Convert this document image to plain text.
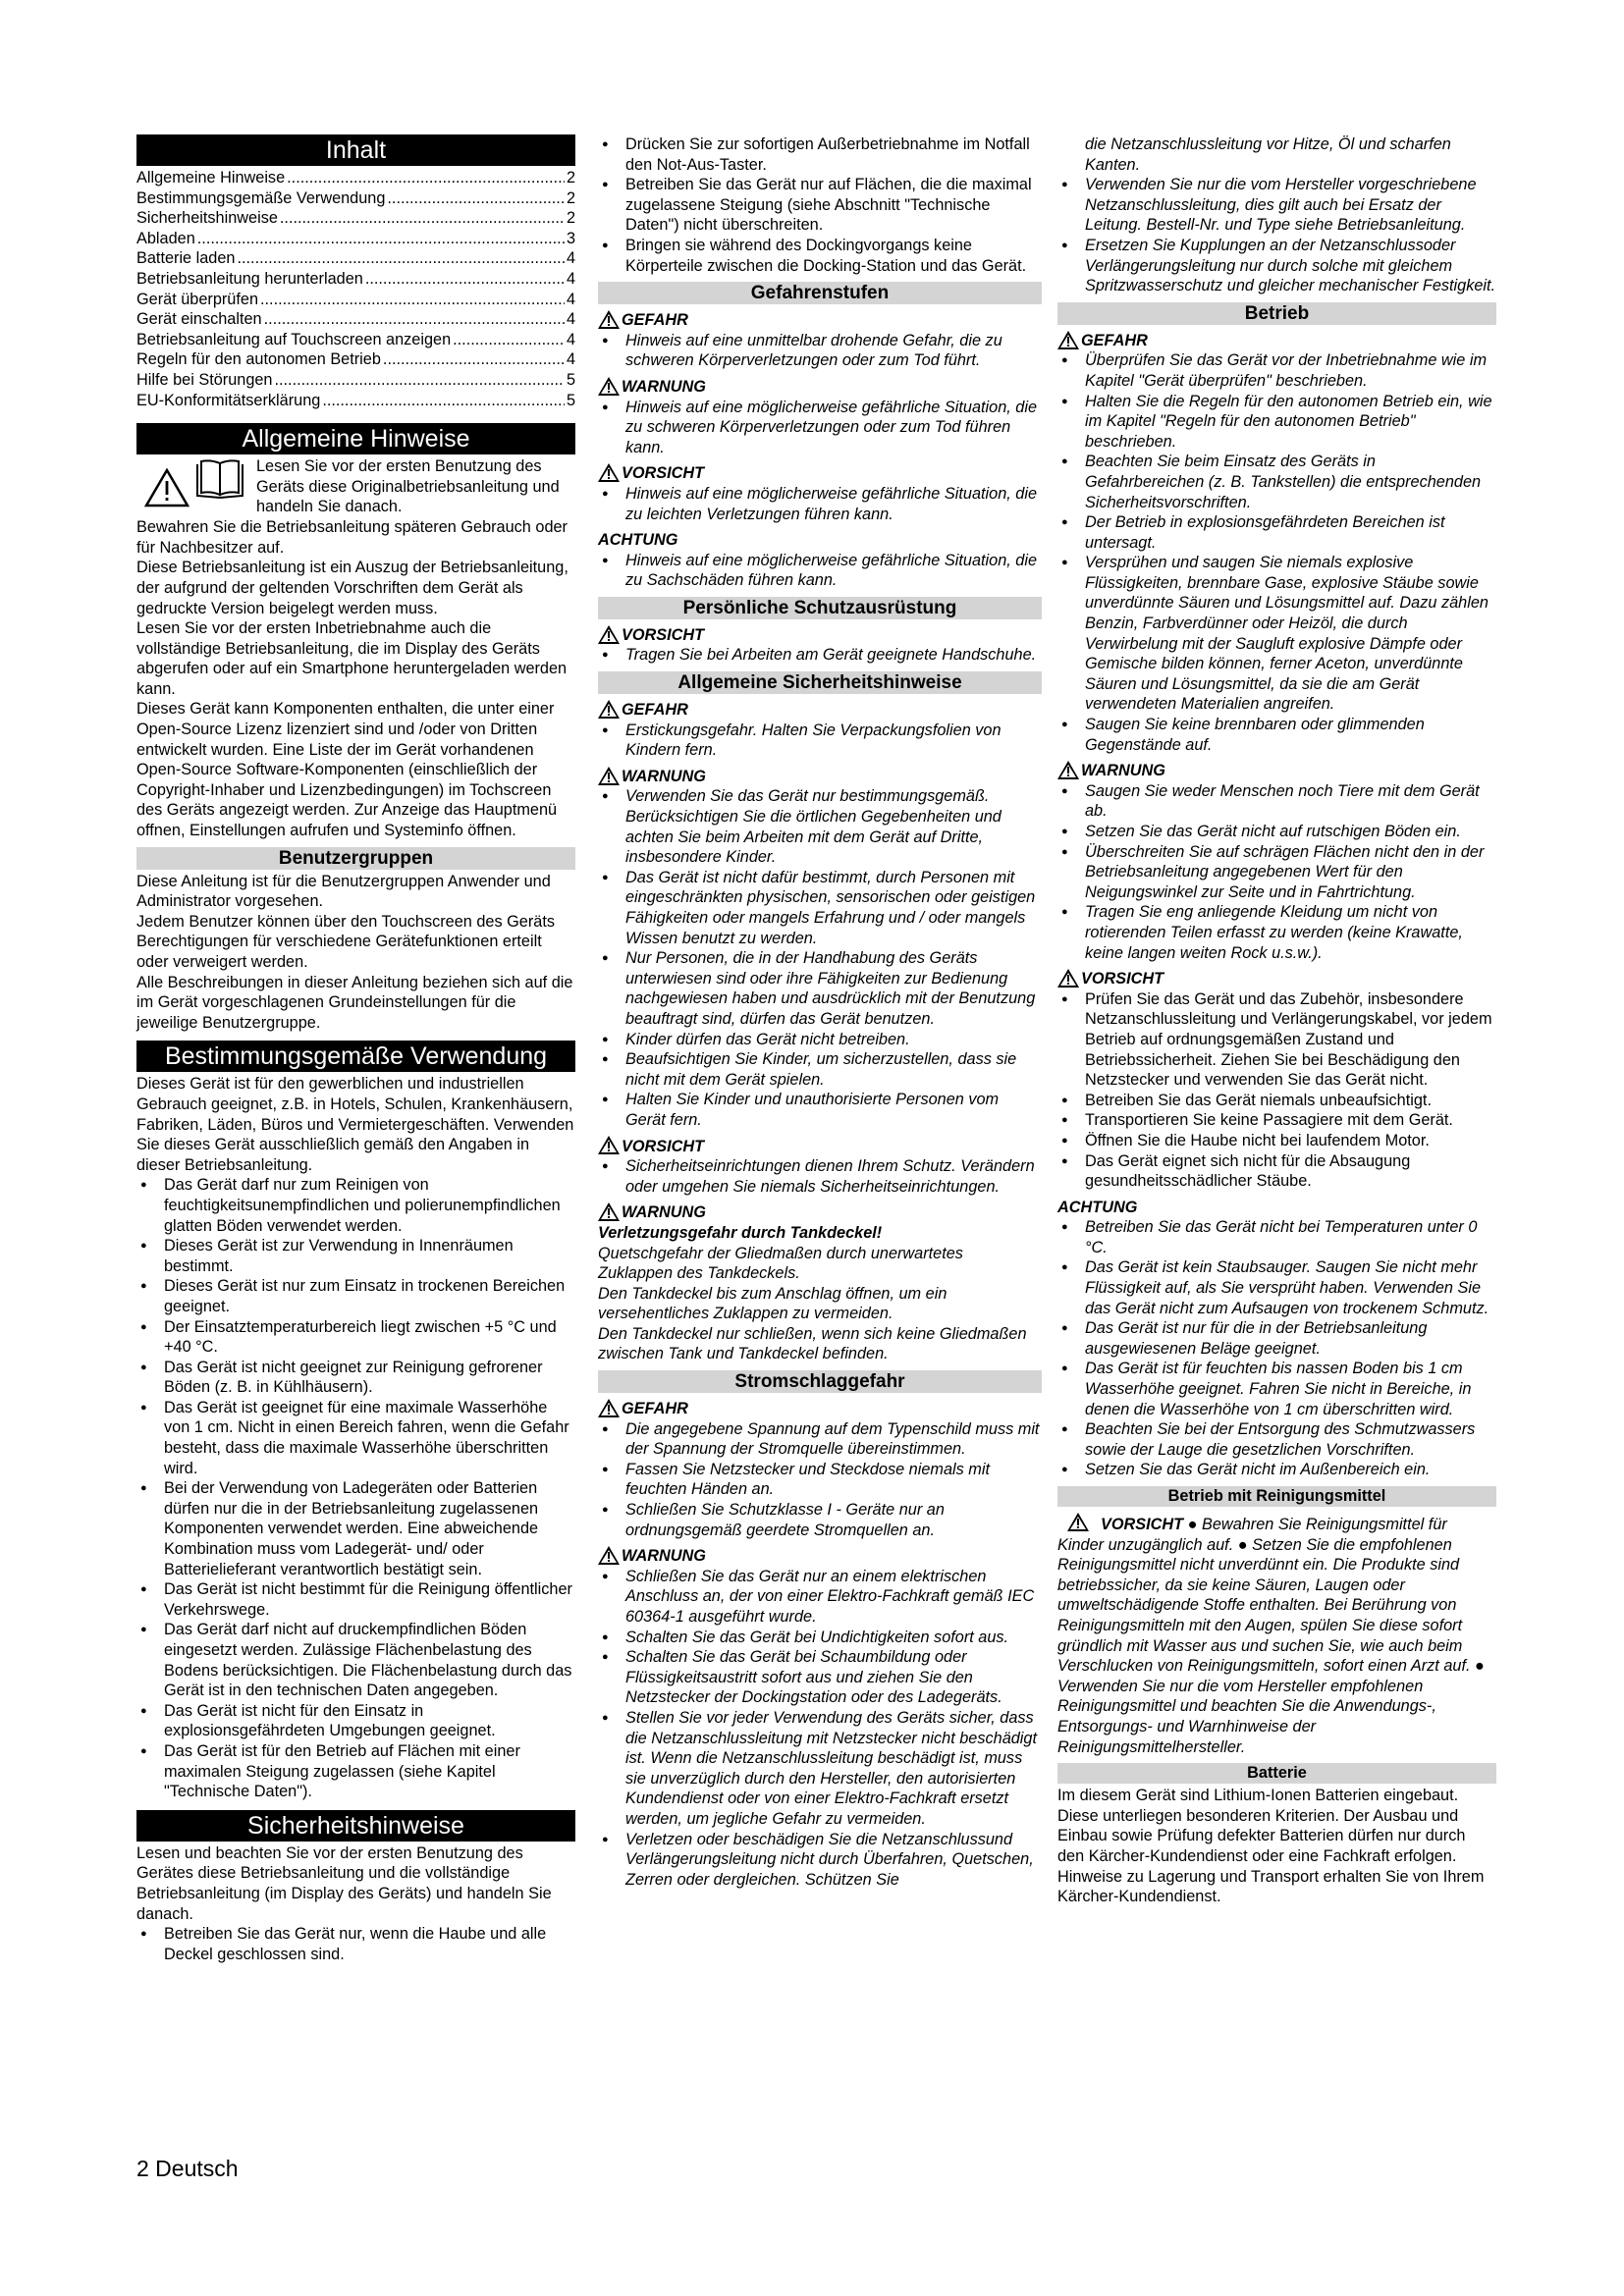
Inhalt
Allgemeine Hinweise .....	2
Bestimmungsgemäße Verwendung .....	2
Sicherheitshinweise .....	2
Abladen .....	3
Batterie laden .....	4
Betriebsanleitung herunterladen .....	4
Gerät überprüfen .....	4
Gerät einschalten .....	4
Betriebsanleitung auf Touchscreen anzeigen .....	4
Regeln für den autonomen Betrieb .....	4
Hilfe bei Störungen .....	5
EU-Konformitätserklärung .....	5
Allgemeine Hinweise

Lesen Sie vor der ersten Benutzung des Geräts diese Originalbetriebsanleitung und handeln Sie danach.

Bewahren Sie die Betriebsanleitung späteren Gebrauch oder für Nachbesitzer auf.

Diese Betriebsanleitung ist ein Auszug der Betriebsanleitung, der aufgrund der geltenden Vorschriften dem Gerät als gedruckte Version beigelegt werden muss.

Lesen Sie vor der ersten Inbetriebnahme auch die vollständige Betriebsanleitung, die im Display des Geräts abgerufen oder auf ein Smartphone heruntergeladen werden kann.

Dieses Gerät kann Komponenten enthalten, die unter einer Open-Source Lizenz lizenziert sind und /oder von Dritten entwickelt wurden. Eine Liste der im Gerät vorhandenen Open-Source Software-Komponenten (einschließlich der Copyright-Inhaber und Lizenzbedingungen) im Tochscreen des Geräts angezeigt werden. Zur Anzeige das Hauptmenü offnen, Einstellungen aufrufen und Systeminfo öffnen.

Benutzergruppen

Diese Anleitung ist für die Benutzergruppen Anwender und Administrator vorgesehen.

Jedem Benutzer können über den Touchscreen des Geräts Berechtigungen für verschiedene Gerätefunktionen erteilt oder verweigert werden.

Alle Beschreibungen in dieser Anleitung beziehen sich auf die im Gerät vorgeschlagenen Grundeinstellungen für die jeweilige Benutzergruppe.

Bestimmungsgemäße Verwendung

Dieses Gerät ist für den gewerblichen und industriellen Gebrauch geeignet, z.B. in Hotels, Schulen, Krankenhäusern, Fabriken, Läden, Büros und Vermietergeschäften. Verwenden Sie dieses Gerät ausschließlich gemäß den Angaben in dieser Betriebsanleitung.

● Das Gerät darf nur zum Reinigen von feuchtigkeitsunempfindlichen und polierunempfindlichen glatten Böden verwendet werden.
● Dieses Gerät ist zur Verwendung in Innenräumen bestimmt.
● Dieses Gerät ist nur zum Einsatz in trockenen Bereichen geeignet.
● Der Einsatztemperaturbereich liegt zwischen +5 °C und +40 °C.
● Das Gerät ist nicht geeignet zur Reinigung gefrorener Böden (z. B. in Kühlhäusern).
● Das Gerät ist geeignet für eine maximale Wasserhöhe von 1 cm. Nicht in einen Bereich fahren, wenn die Gefahr besteht, dass die maximale Wasserhöhe überschritten wird.
● Bei der Verwendung von Ladegeräten oder Batterien dürfen nur die in der Betriebsanleitung zugelassenen Komponenten verwendet werden. Eine abweichende Kombination muss vom Ladegerät- und/ oder Batterielieferant verantwortlich bestätigt sein.
● Das Gerät ist nicht bestimmt für die Reinigung öffentlicher Verkehrswege.
● Das Gerät darf nicht auf druckempfindlichen Böden eingesetzt werden. Zulässige Flächenbelastung des Bodens berücksichtigen. Die Flächenbelastung durch das Gerät ist in den technischen Daten angegeben.
● Das Gerät ist nicht für den Einsatz in explosionsgefährdeten Umgebungen geeignet.
● Das Gerät ist für den Betrieb auf Flächen mit einer maximalen Steigung zugelassen (siehe Kapitel "Technische Daten").
Sicherheitshinweise

Lesen und beachten Sie vor der ersten Benutzung des Gerätes diese Betriebsanleitung und die vollständige Betriebsanleitung (im Display des Geräts) und handeln Sie danach.

● Betreiben Sie das Gerät nur, wenn die Haube und alle Deckel geschlossen sind.
● Drücken Sie zur sofortigen Außerbetriebnahme im Notfall den Not-Aus-Taster.
● Betreiben Sie das Gerät nur auf Flächen, die die maximal zugelassene Steigung (siehe Abschnitt "Technische Daten") nicht überschreiten.
● Bringen sie während des Dockingvorgangs keine Körperteile zwischen die Docking-Station und das Gerät.
Gefahrenstufen
GEFAHR
● Hinweis auf eine unmittelbar drohende Gefahr, die zu schweren Körperverletzungen oder zum Tod führt.
WARNUNG
● Hinweis auf eine möglicherweise gefährliche Situation, die zu schweren Körperverletzungen oder zum Tod führen kann.
VORSICHT
● Hinweis auf eine möglicherweise gefährliche Situation, die zu leichten Verletzungen führen kann.
ACHTUNG
● Hinweis auf eine möglicherweise gefährliche Situation, die zu Sachschäden führen kann.
Persönliche Schutzausrüstung
VORSICHT
● Tragen Sie bei Arbeiten am Gerät geeignete Handschuhe.
Allgemeine Sicherheitshinweise
GEFAHR
● Erstickungsgefahr. Halten Sie Verpackungsfolien von Kindern fern.
WARNUNG
● Verwenden Sie das Gerät nur bestimmungsgemäß. Berücksichtigen Sie die örtlichen Gegebenheiten und achten Sie beim Arbeiten mit dem Gerät auf Dritte, insbesondere Kinder.
● Das Gerät ist nicht dafür bestimmt, durch Personen mit eingeschränkten physischen, sensorischen oder geistigen Fähigkeiten oder mangels Erfahrung und / oder mangels Wissen benutzt zu werden.
● Nur Personen, die in der Handhabung des Geräts unterwiesen sind oder ihre Fähigkeiten zur Bedienung nachgewiesen haben und ausdrücklich mit der Benutzung beauftragt sind, dürfen das Gerät benutzen.
● Kinder dürfen das Gerät nicht betreiben.
● Beaufsichtigen Sie Kinder, um sicherzustellen, dass sie nicht mit dem Gerät spielen.
● Halten Sie Kinder und unauthorisierte Personen vom Gerät fern.
VORSICHT
● Sicherheitseinrichtungen dienen Ihrem Schutz. Verändern oder umgehen Sie niemals Sicherheitseinrichtungen.
WARNUNG

Verletzungsgefahr durch Tankdeckel!

Quetschgefahr der Gliedmaßen durch unerwartetes Zuklappen des Tankdeckels.

Den Tankdeckel bis zum Anschlag öffnen, um ein versehentliches Zuklappen zu vermeiden.

Den Tankdeckel nur schließen, wenn sich keine Gliedmaßen zwischen Tank und Tankdeckel befinden.

Stromschlaggefahr
GEFAHR
● Die angegebene Spannung auf dem Typenschild muss mit der Spannung der Stromquelle übereinstimmen.
● Fassen Sie Netzstecker und Steckdose niemals mit feuchten Händen an.
● Schließen Sie Schutzklasse I - Geräte nur an ordnungsgemäß geerdete Stromquellen an.
WARNUNG
● Schließen Sie das Gerät nur an einem elektrischen Anschluss an, der von einer Elektro-Fachkraft gemäß IEC 60364-1 ausgeführt wurde.
● Schalten Sie das Gerät bei Undichtigkeiten sofort aus.
● Schalten Sie das Gerät bei Schaumbildung oder Flüssigkeitsaustritt sofort aus und ziehen Sie den Netzstecker der Dockingstation oder des Ladegeräts.
● Stellen Sie vor jeder Verwendung des Geräts sicher, dass die Netzanschlussleitung mit Netzstecker nicht beschädigt ist. Wenn die Netzanschlussleitung beschädigt ist, muss sie unverzüglich durch den Hersteller, den autorisierten Kundendienst oder von einer Elektro-Fachkraft ersetzt werden, um jegliche Gefahr zu vermeiden.
● Verletzen oder beschädigen Sie die Netzanschlussund Verlängerungsleitung nicht durch Überfahren, Quetschen, Zerren oder dergleichen. Schützen Sie

die Netzanschlussleitung vor Hitze, Öl und scharfen Kanten.

● Verwenden Sie nur die vom Hersteller vorgeschriebene Netzanschlussleitung, dies gilt auch bei Ersatz der Leitung. Bestell-Nr. und Type siehe Betriebsanleitung.
● Ersetzen Sie Kupplungen an der Netzanschlussoder Verlängerungsleitung nur durch solche mit gleichem Spritzwasserschutz und gleicher mechanischer Festigkeit.
Betrieb
GEFAHR
● Überprüfen Sie das Gerät vor der Inbetriebnahme wie im Kapitel "Gerät überprüfen" beschrieben.
● Halten Sie die Regeln für den autonomen Betrieb ein, wie im Kapitel "Regeln für den autonomen Betrieb" beschrieben.
● Beachten Sie beim Einsatz des Geräts in Gefahrbereichen (z. B. Tankstellen) die entsprechenden Sicherheitsvorschriften.
● Der Betrieb in explosionsgefährdeten Bereichen ist untersagt.
● Versprühen und saugen Sie niemals explosive Flüssigkeiten, brennbare Gase, explosive Stäube sowie unverdünnte Säuren und Lösungsmittel auf. Dazu zählen Benzin, Farbverdünner oder Heizöl, die durch Verwirbelung mit der Saugluft explosive Dämpfe oder Gemische bilden können, ferner Aceton, unverdünnte Säuren und Lösungsmittel, da sie die am Gerät verwendeten Materialien angreifen.
● Saugen Sie keine brennbaren oder glimmenden Gegenstände auf.
WARNUNG
● Saugen Sie weder Menschen noch Tiere mit dem Gerät ab.
● Setzen Sie das Gerät nicht auf rutschigen Böden ein.
● Überschreiten Sie auf schrägen Flächen nicht den in der Betriebsanleitung angegebenen Wert für den Neigungswinkel zur Seite und in Fahrtrichtung.
● Tragen Sie eng anliegende Kleidung um nicht von rotierenden Teilen erfasst zu werden (keine Krawatte, keine langen weiten Rock u.s.w.).
VORSICHT
● Prüfen Sie das Gerät und das Zubehör, insbesondere Netzanschlussleitung und Verlängerungskabel, vor jedem Betrieb auf ordnungsgemäßen Zustand und Betriebssicherheit. Ziehen Sie bei Beschädigung den Netzstecker und verwenden Sie das Gerät nicht.
● Betreiben Sie das Gerät niemals unbeaufsichtigt.
● Transportieren Sie keine Passagiere mit dem Gerät.
● Öffnen Sie die Haube nicht bei laufendem Motor.
● Das Gerät eignet sich nicht für die Absaugung gesundheitsschädlicher Stäube.
ACHTUNG
● Betreiben Sie das Gerät nicht bei Temperaturen unter 0 °C.
● Das Gerät ist kein Staubsauger. Saugen Sie nicht mehr Flüssigkeit auf, als Sie versprüht haben. Verwenden Sie das Gerät nicht zum Aufsaugen von trockenem Schmutz.
● Das Gerät ist nur für die in der Betriebsanleitung ausgewiesenen Beläge geeignet.
● Das Gerät ist für feuchten bis nassen Boden bis 1 cm Wasserhöhe geeignet. Fahren Sie nicht in Bereiche, in denen die Wasserhöhe von 1 cm überschritten wird.
● Beachten Sie bei der Entsorgung des Schmutzwassers sowie der Lauge die gesetzlichen Vorschriften.
● Setzen Sie das Gerät nicht im Außenbereich ein.
Betrieb mit Reinigungsmittel

VORSICHT ● Bewahren Sie Reinigungsmittel für Kinder unzugänglich auf. ● Setzen Sie die empfohlenen Reinigungsmittel nicht unverdünnt ein. Die Produkte sind betriebssicher, da sie keine Säuren, Laugen oder umweltschädigende Stoffe enthalten. Bei Berührung von Reinigungsmitteln mit den Augen, spülen Sie diese sofort gründlich mit Wasser aus und suchen Sie, wie auch beim Verschlucken von Reinigungsmitteln, sofort einen Arzt auf. ● Verwenden Sie nur die vom Hersteller empfohlenen Reinigungsmittel und beachten Sie die Anwendungs-, Entsorgungs- und Warnhinweise der Reinigungsmittelhersteller.

Batterie

Im diesem Gerät sind Lithium-Ionen Batterien eingebaut. Diese unterliegen besonderen Kriterien. Der Ausbau und Einbau sowie Prüfung defekter Batterien dürfen nur durch den Kärcher-Kundendienst oder eine Fachkraft erfolgen.

Hinweise zu Lagerung und Transport erhalten Sie von Ihrem Kärcher-Kundendienst.

2 Deutsch
